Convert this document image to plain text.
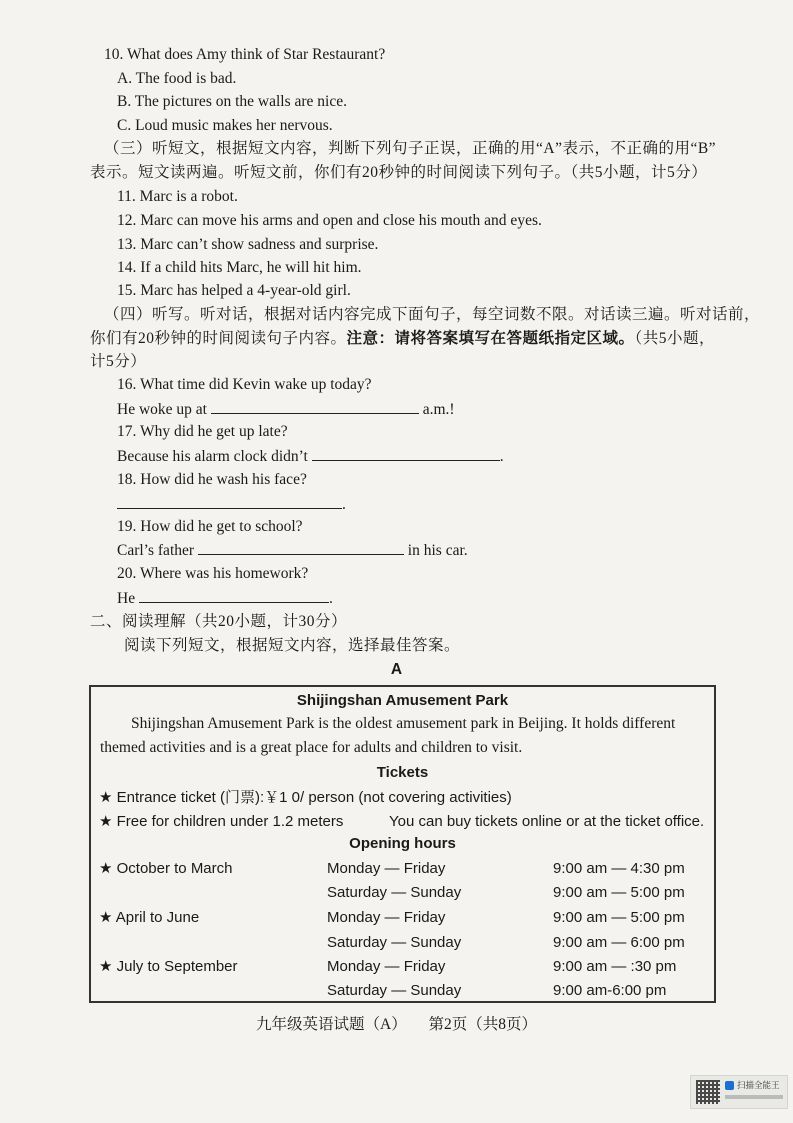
10. What does Amy think of Star Restaurant?
A. The food is bad.
B. The pictures on the walls are nice.
C. Loud music makes her nervous.
（三）听短文，根据短文内容，判断下列句子正误，正确的用“A”表示，不正确的用“B”
表示。短文读两遍。听短文前，你们有20秒钟的时间阅读下列句子。（共5小题，计5分）
11. Marc is a robot.
12. Marc can move his arms and open and close his mouth and eyes.
13. Marc can’t show sadness and surprise.
14. If a child hits Marc, he will hit him.
15. Marc has helped a 4-year-old girl.
（四）听写。听对话，根据对话内容完成下面句子，每空词数不限。对话读三遍。听对话前，
你们有20秒钟的时间阅读句子内容。注意：请将答案填写在答题纸指定区域。（共5小题，
计5分）
16. What time did Kevin wake up today?
He woke up at	a.m.!
17. Why did he get up late?
Because his alarm clock didn’t	.
18. How did he wash his face?
.
19. How did he get to school?
Carl’s father	in his car.
20. Where was his homework?
He	.
二、阅读理解（共20小题，计30分）
阅读下列短文，根据短文内容，选择最佳答案。
A
Shijingshan Amusement Park
Shijingshan Amusement Park is the oldest amusement park in Beijing. It holds different
themed activities and is a great place for adults and children to visit.
Tickets
★ Entrance ticket (门票):￥1 0/ person (not covering activities)
★ Free for children under 1.2 meters	You can buy tickets online or at the ticket office.
Opening hours
★ October to March	Monday — Friday	9:00 am — 4:30 pm
Saturday — Sunday	9:00 am — 5:00 pm
★ April to June	Monday — Friday	9:00 am — 5:00 pm
Saturday — Sunday	9:00 am — 6:00 pm
★ July to September	Monday — Friday	9:00 am — :30 pm
Saturday — Sunday	9:00 am-6:00 pm
九年级英语试题（A） 第2页（共8页）
扫描全能王
